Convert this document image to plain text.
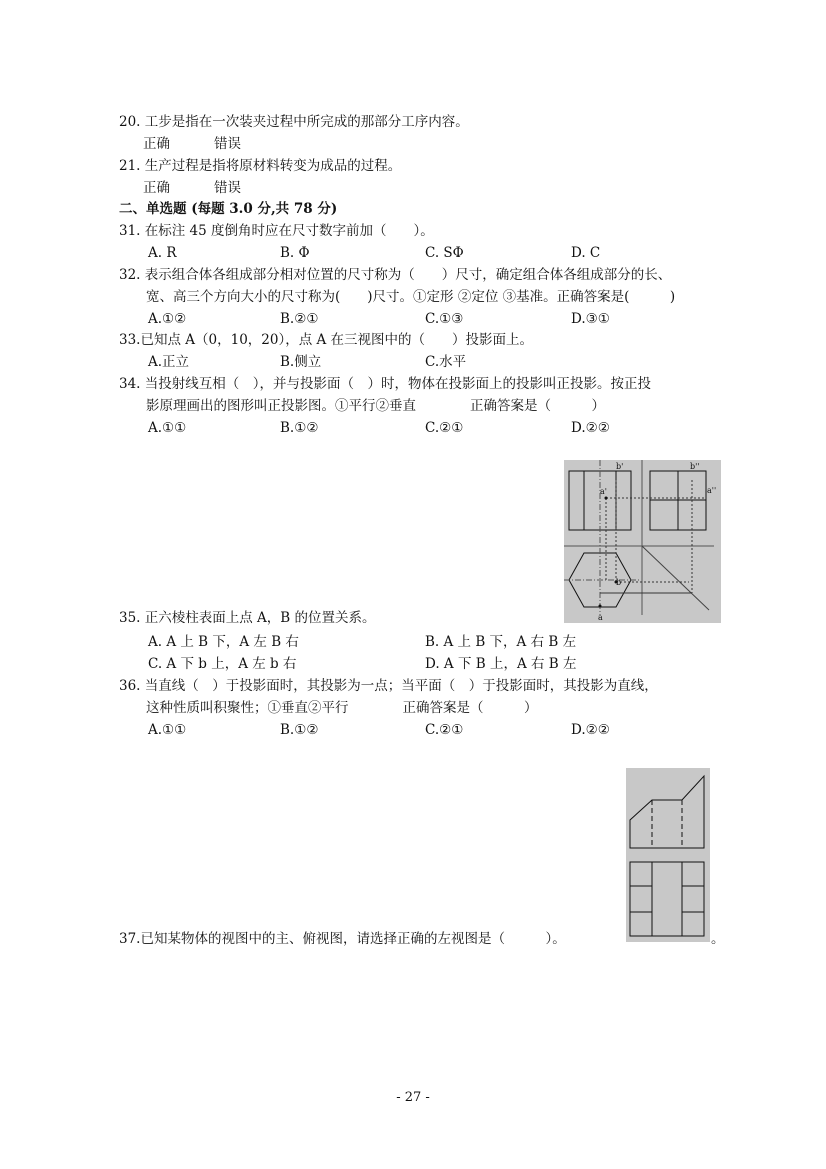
20. 工步是指在一次装夹过程中所完成的那部分工序内容。
正确	错误
21. 生产过程是指将原材料转变为成品的过程。
正确	错误
二、单选题 (每题 3.0 分,共 78 分)
31. 在标注 45 度倒角时应在尺寸数字前加（　　）。
A. R	B. Φ	C. SΦ	D. C
32. 表示组合体各组成部分相对位置的尺寸称为（　　）尺寸，确定组合体各组成部分的长、
宽、高三个方向大小的尺寸称为(　　)尺寸。①定形 ②定位 ③基准。正确答案是(　　　)
A.①②	B.②①	C.①③	D.③①
33.已知点 A（0，10，20），点 A 在三视图中的（　　）投影面上。
A.正立	B.侧立	C.水平
34. 当投射线互相（　），并与投影面（　）时，物体在投影面上的投影叫正投影。按正投
影原理画出的图形叫正投影图。①平行②垂直　　　　正确答案是（　　　）
A.①①	B.①②	C.②①	D.②②
b'	b''
a'	a''
b
a
35. 正六棱柱表面上点 A，B 的位置关系。
A. A 上 B 下，A 左 B 右	B. A 上 B 下，A 右 B 左
C. A 下 b 上，A 左 b 右	D. A 下 B 上，A 右 B 左
36. 当直线（　）于投影面时，其投影为一点；当平面（　）于投影面时，其投影为直线，
这种性质叫积聚性；①垂直②平行　　　　正确答案是（　　　）
A.①①	B.①②	C.②①	D.②②
37.已知某物体的视图中的主、俯视图，请选择正确的左视图是（　　　）。	。
- 27 -
